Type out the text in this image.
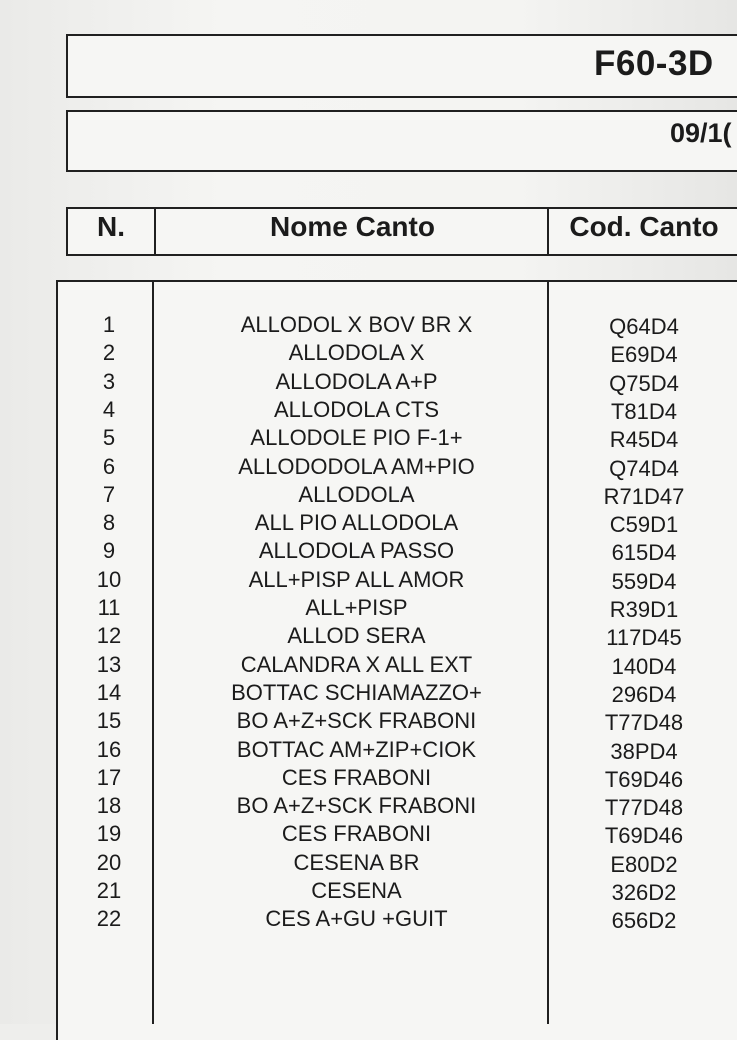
F60-3D
09/1(
N.	Nome Canto	Cod. Canto
1	ALLODOL X BOV BR X	Q64D4
2	ALLODOLA X	E69D4
3	ALLODOLA A+P	Q75D4
4	ALLODOLA CTS	T81D4
5	ALLODOLE PIO F-1+	R45D4
6	ALLODODOLA AM+PIO	Q74D4
7	ALLODOLA	R71D47
8	ALL PIO ALLODOLA	C59D1
9	ALLODOLA PASSO	615D4
10	ALL+PISP ALL AMOR	559D4
11	ALL+PISP	R39D1
12	ALLOD SERA	117D45
13	CALANDRA X ALL EXT	140D4
14	BOTTAC SCHIAMAZZO+	296D4
15	BO A+Z+SCK FRABONI	T77D48
16	BOTTAC AM+ZIP+CIOK	38PD4
17	CES FRABONI	T69D46
18	BO A+Z+SCK FRABONI	T77D48
19	CES FRABONI	T69D46
20	CESENA BR	E80D2
21	CESENA	326D2
22	CES A+GU +GUIT	656D2
